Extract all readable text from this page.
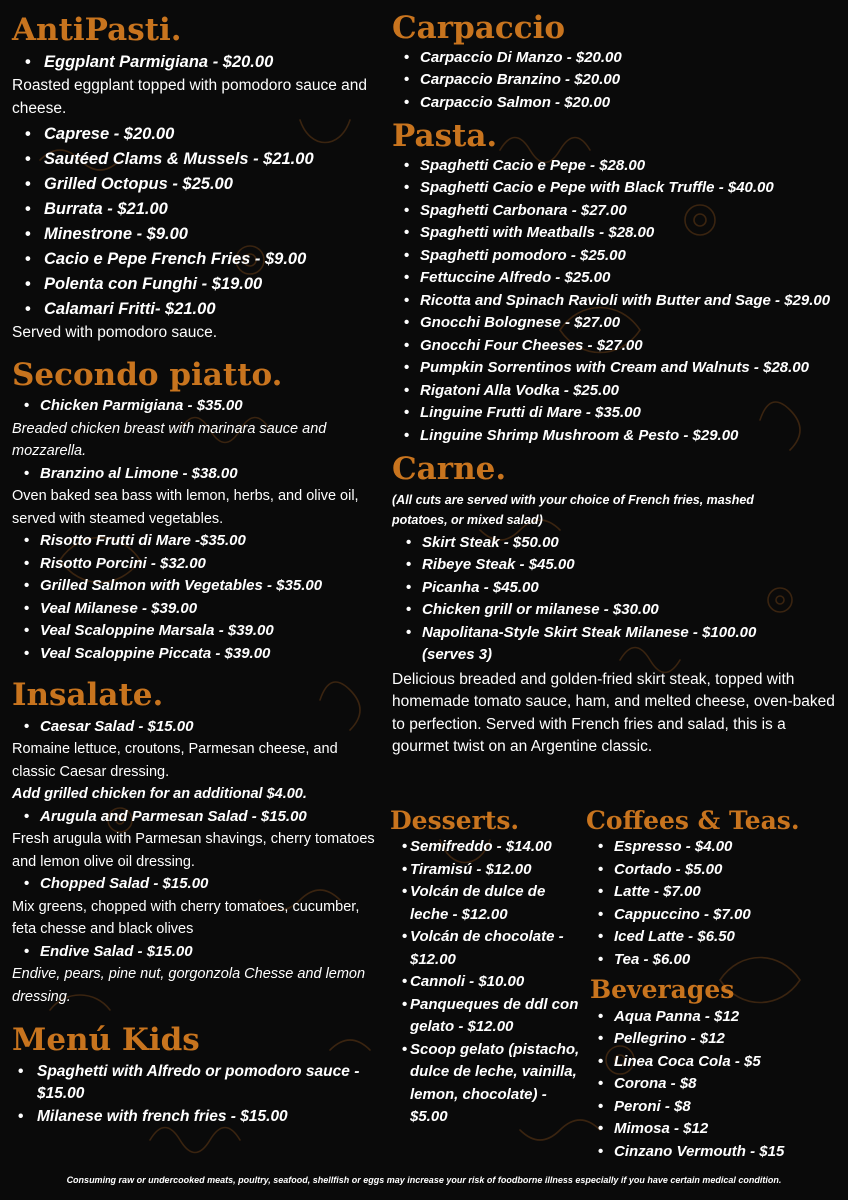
AntiPasti.
• Eggplant Parmigiana - $20.00

Roasted eggplant topped with pomodoro sauce and cheese.

• Caprese - $20.00
• Sautéed Clams & Mussels - $21.00
• Grilled Octopus - $25.00
• Burrata - $21.00
• Minestrone - $9.00
• Cacio e Pepe French Fries - $9.00
• Polenta con Funghi - $19.00
• Calamari Fritti- $21.00

Served with pomodoro sauce.

Secondo piatto.
• Chicken Parmigiana - $35.00

Breaded chicken breast with marinara sauce and mozzarella.

• Branzino al Limone - $38.00

Oven baked sea bass with lemon, herbs, and olive oil, served with steamed vegetables.

• Risotto Frutti di Mare -$35.00
• Risotto Porcini - $32.00
• Grilled Salmon with Vegetables - $35.00
• Veal Milanese - $39.00
• Veal Scaloppine Marsala - $39.00
• Veal Scaloppine Piccata - $39.00
Insalate.
• Caesar Salad - $15.00

Romaine lettuce, croutons, Parmesan cheese, and classic Caesar dressing.

Add grilled chicken for an additional $4.00.

• Arugula and Parmesan Salad - $15.00

Fresh arugula with Parmesan shavings, cherry tomatoes and lemon olive oil dressing.

• Chopped Salad - $15.00

Mix greens, chopped with cherry tomatoes, cucumber, feta chesse and black olives

• Endive Salad - $15.00

Endive, pears, pine nut, gorgonzola Chesse and lemon dressing.

Menú Kids
• Spaghetti with Alfredo or pomodoro sauce - $15.00
• Milanese with french fries - $15.00
Carpaccio
• Carpaccio Di Manzo - $20.00
• Carpaccio Branzino - $20.00
• Carpaccio Salmon - $20.00
Pasta.
• Spaghetti Cacio e Pepe - $28.00
• Spaghetti Cacio e Pepe with Black Truffle - $40.00
• Spaghetti Carbonara - $27.00
• Spaghetti with Meatballs - $28.00
• Spaghetti pomodoro - $25.00
• Fettuccine Alfredo - $25.00
• Ricotta and Spinach Ravioli with Butter and Sage - $29.00
• Gnocchi Bolognese - $27.00
• Gnocchi Four Cheeses - $27.00
• Pumpkin Sorrentinos with Cream and Walnuts - $28.00
• Rigatoni Alla Vodka - $25.00
• Linguine Frutti di Mare - $35.00
• Linguine Shrimp Mushroom & Pesto - $29.00
Carne.

(All cuts are served with your choice of French fries, mashed potatoes, or mixed salad)

• Skirt Steak - $50.00
• Ribeye Steak - $45.00
• Picanha - $45.00
• Chicken grill or milanese - $30.00
• Napolitana-Style Skirt Steak Milanese - $100.00 (serves 3)

Delicious breaded and golden-fried skirt steak, topped with homemade tomato sauce, ham, and melted cheese, oven-baked to perfection. Served with French fries and salad, this is a gourmet twist on an Argentine classic.

Desserts.
• Semifreddo - $14.00
• Tiramisú - $12.00
• Volcán de dulce de leche - $12.00
• Volcán de chocolate - $12.00
• Cannoli - $10.00
• Panqueques de ddl con gelato - $12.00
• Scoop gelato (pistacho, dulce de leche, vainilla, lemon, chocolate) - $5.00
Coffees & Teas.
• Espresso - $4.00
• Cortado - $5.00
• Latte - $7.00
• Cappuccino - $7.00
• Iced Latte - $6.50
• Tea - $6.00
Beverages
• Aqua Panna - $12
• Pellegrino - $12
• Linea Coca Cola - $5
• Corona - $8
• Peroni - $8
• Mimosa - $12
• Cinzano Vermouth - $15
Consuming raw or undercooked meats, poultry, seafood, shellfish or eggs may increase your risk of foodborne illness especially if you have certain medical condition.
